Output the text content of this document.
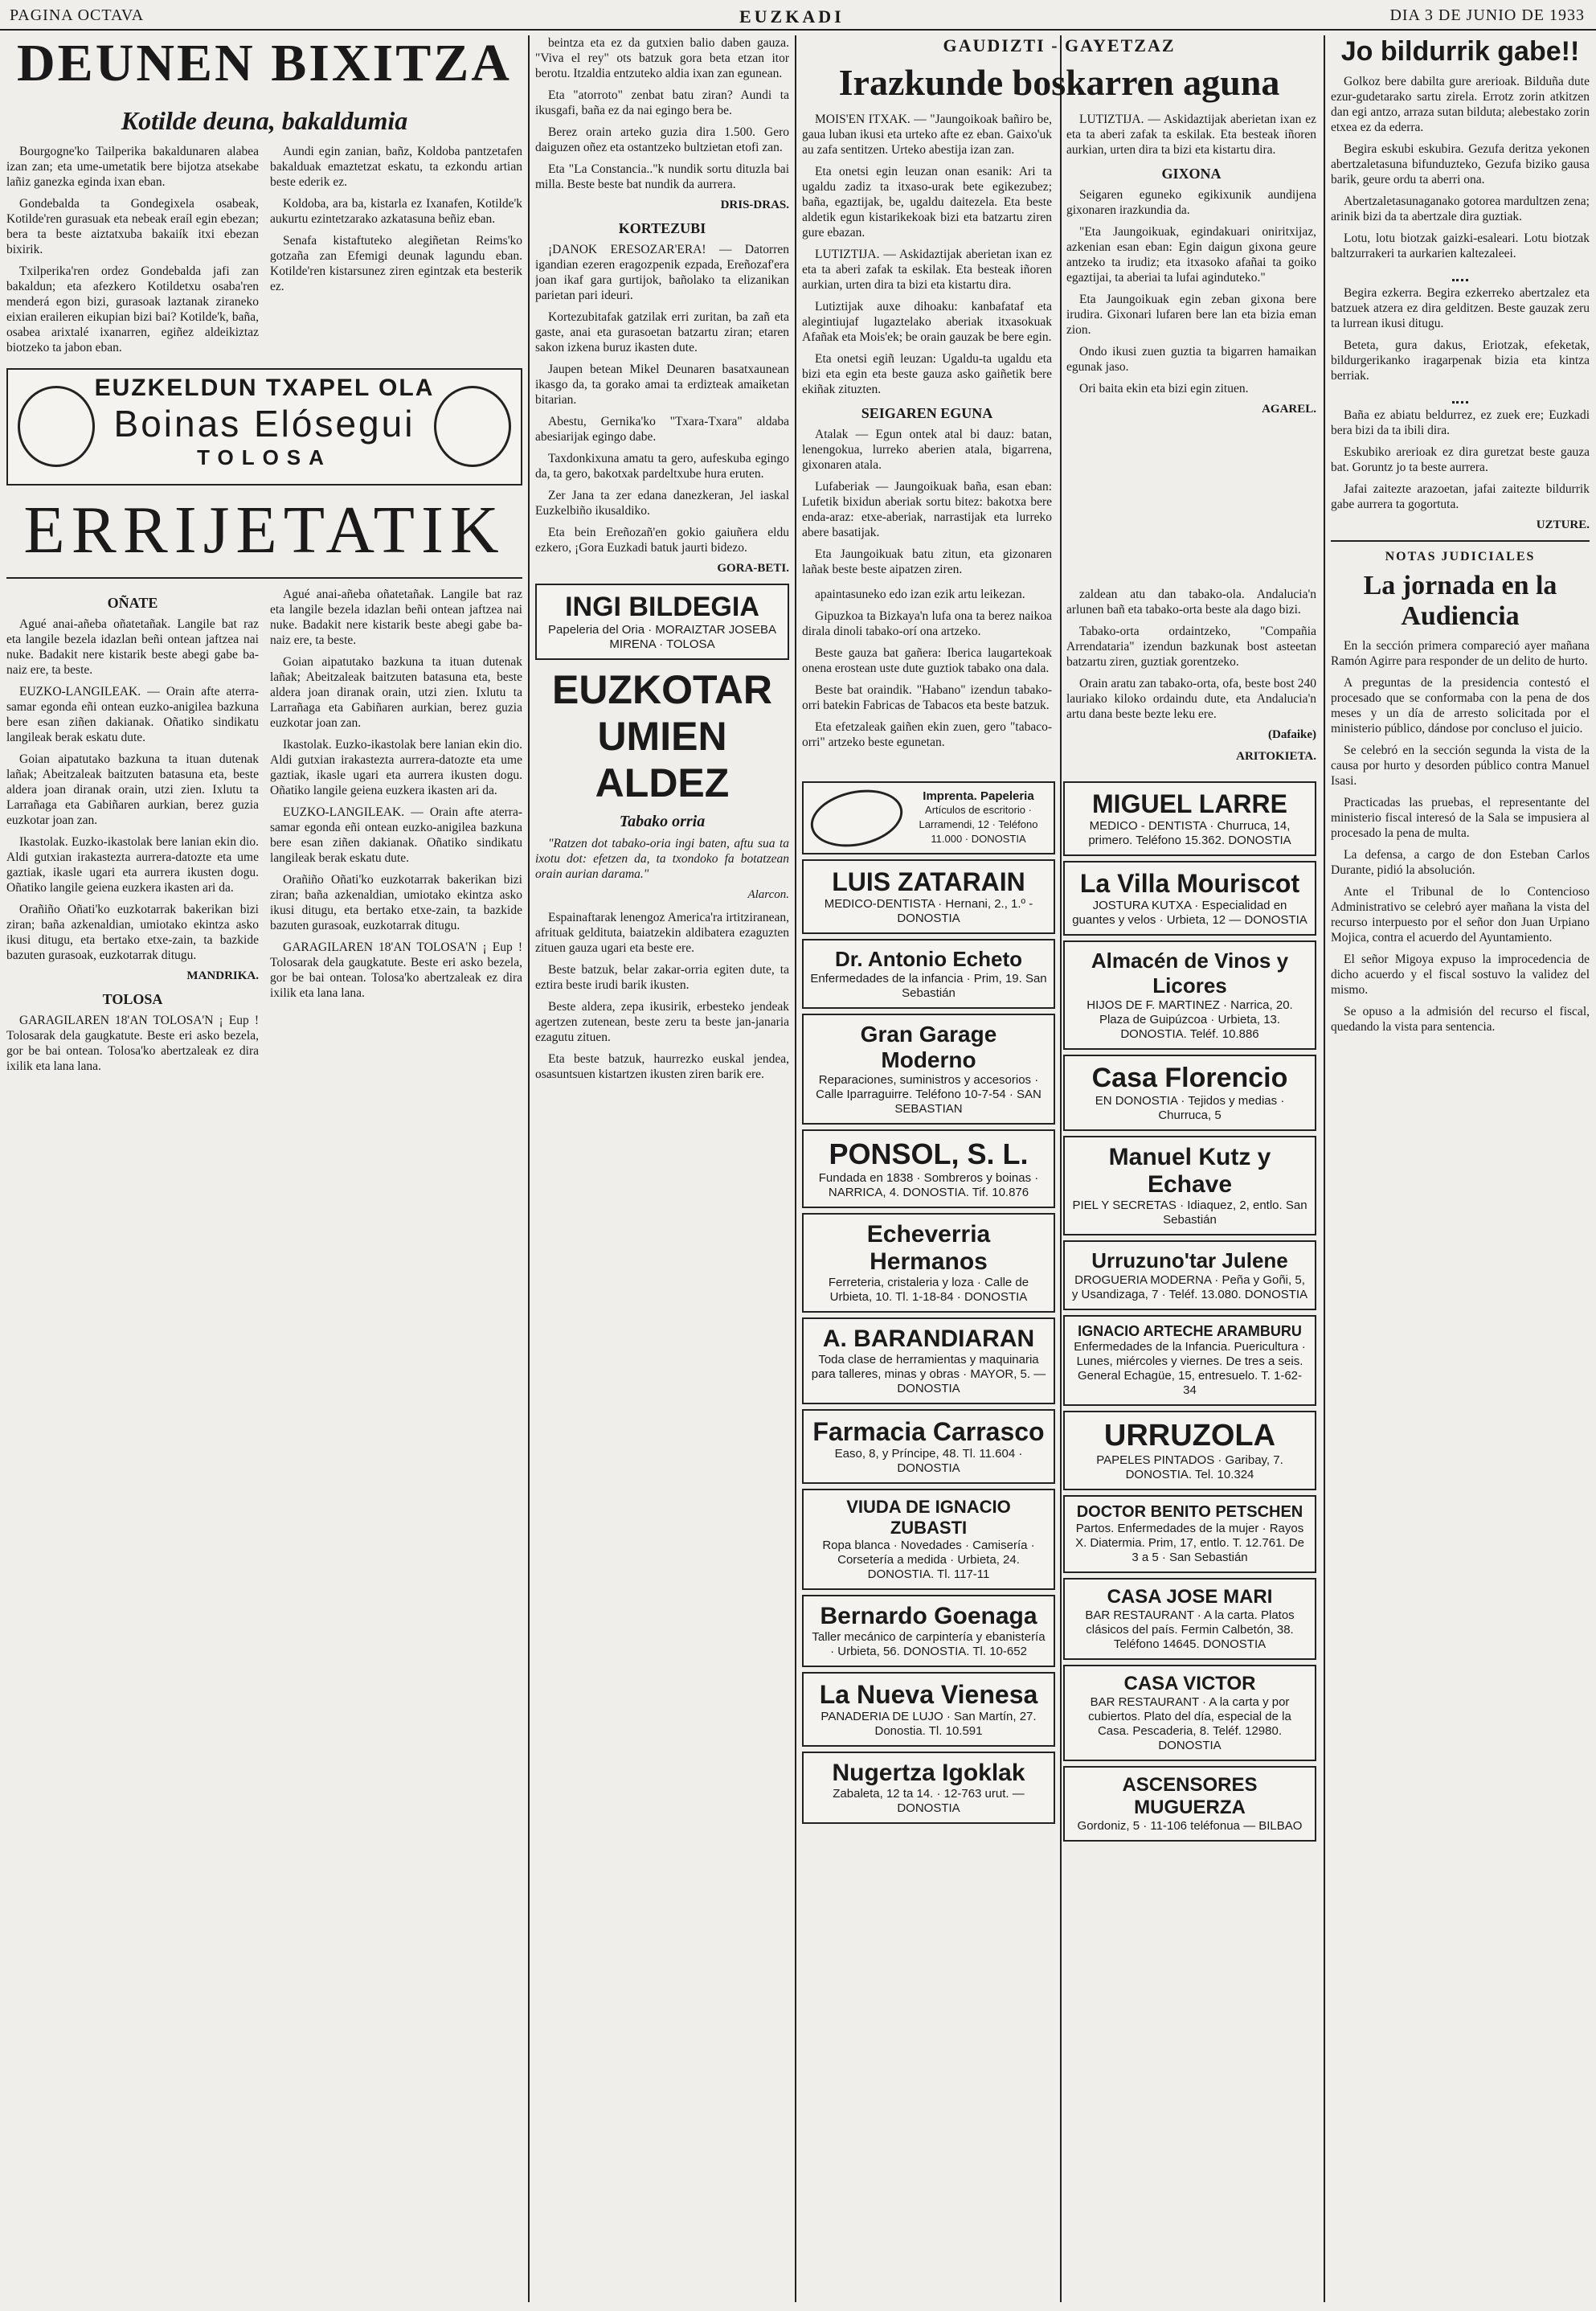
PAGINA OCTAVA	EUZKADI	DIA 3 DE JUNIO DE 1933
DEUNEN BIXITZA
Kotilde deuna, bakaldumia

Bourgogne'ko Tailperika bakaldunaren alabea izan zan; eta ume-umetatik bere bijotza atsekabe lañiz ganezka eginda ixan eban.

Gondebalda ta Gondegixela osabeak, Kotilde'ren gurasuak eta nebeak eraíl egin ebezan; bera ta beste aiztatxuba bakaiík itxi ebezan bixirik.

Txilperika'ren ordez Gondebalda jafi zan bakaldun; eta afezkero Kotildetxu osaba'ren menderá egon bizi, gurasoak laztanak ziraneko eixian eraileren eikupian bizi bai? Kotilde'k, baña, osabea arixtalé ixanarren, egiñez aldeikiztaz biotzeko ta jabon eban.

Aundi egin zanian, bañz, Koldoba pantzetafen bakalduak emaztetzat eskatu, ta ezkondu artian beste ederik ez.

Koldoba, ara ba, kistarla ez Ixanafen, Kotilde'k aukurtu ezintetzarako azkatasuna beñiz eban.

Senafa kistaftuteko alegiñetan Reims'ko gotzaña zan Efemigi deunak lagundu eban. Kotilde'ren kistarsunez ziren egintzak eta besterik ez.

EUZKELDUN TXAPEL OLA
Boinas Elósegui
TOLOSA
ERRIJETATIK
OÑATE

Agué anai-añeba oñatetañak. Langile bat raz eta langile bezela idazlan beñi ontean jaftzea nai nuke. Badakit nere kistarik beste abegi gabe ba-naiz ere, ta beste.

EUZKO-LANGILEAK. — Orain afte aterra-samar egonda eñi ontean euzko-anigilea bazkuna bere esan ziñen dakianak. Oñatiko sindikatu langileak berak eskatu dute.

Goian aipatutako bazkuna ta ituan dutenak lañak; Abeitzaleak baitzuten batasuna eta, beste aldera joan diranak orain, utzi zien. Ixlutu ta Larrañaga eta Gabiñaren aurkian, berez guzia euzkotar joan zan.

Ikastolak. Euzko-ikastolak bere lanian ekin dio. Aldi gutxian irakastezta aurrera-datozte eta ume gaztiak, ikasle ugari eta aurrera ikusten dogu. Oñatiko langile geiena euzkera ikasten ari da.

Orañiño Oñati'ko euzkotarrak bakerikan bizi ziran; baña azkenaldian, umiotako ekintza asko ikusi ditugu, eta bertako etxe-zain, ta bazkide bazuten gurasoak, euzkotarrak ditugu.

MANDRIKA.
TOLOSA

GARAGILAREN 18'AN TOLOSA'N ¡ Eup ! Tolosarak dela gaugkatute. Beste eri asko bezela, gor be bai ontean. Tolosa'ko abertzaleak ez dira ixilik eta lana lana.

Agué anai-añeba oñatetañak. Langile bat raz eta langile bezela idazlan beñi ontean jaftzea nai nuke. Badakit nere kistarik beste abegi gabe ba-naiz ere, ta beste.

Goian aipatutako bazkuna ta ituan dutenak lañak; Abeitzaleak baitzuten batasuna eta, beste aldera joan diranak orain, utzi zien. Ixlutu ta Larrañaga eta Gabiñaren aurkian, berez guzia euzkotar joan zan.

Ikastolak. Euzko-ikastolak bere lanian ekin dio. Aldi gutxian irakastezta aurrera-datozte eta ume gaztiak, ikasle ugari eta aurrera ikusten dogu. Oñatiko langile geiena euzkera ikasten ari da.

EUZKO-LANGILEAK. — Orain afte aterra-samar egonda eñi ontean euzko-anigilea bazkuna bere esan ziñen dakianak. Oñatiko sindikatu langileak berak eskatu dute.

Orañiño Oñati'ko euzkotarrak bakerikan bizi ziran; baña azkenaldian, umiotako ekintza asko ikusi ditugu, eta bertako etxe-zain, ta bazkide bazuten gurasoak, euzkotarrak ditugu.

GARAGILAREN 18'AN TOLOSA'N ¡ Eup ! Tolosarak dela gaugkatute. Beste eri asko bezela, gor be bai ontean. Tolosa'ko abertzaleak ez dira ixilik eta lana lana.

beintza eta ez da gutxien balio daben gauza. "Viva el rey" ots batzuk gora beta etzan itor berotu. Itzaldia entzuteko aldia ixan zan egunean.

Eta "atorroto" zenbat batu ziran? Aundi ta ikusgafi, baña ez da nai egingo bera be.

Berez orain arteko guzia dira 1.500. Gero daiguzen oñez eta ostantzeko bultzietan etofi zan.

Eta "La Constancia.."k nundik sortu dituzla bai milla. Beste beste bat nundik da aurrera.

DRIS-DRAS.
KORTEZUBI

¡DANOK ERESOZAR'ERA! — Datorren igandian ezeren eragozpenik ezpada, Ereñozaf'era joan ikaf gara gurtijok, bañolako ta elizanikan parietan pari ideuri.

Kortezubitafak gatzilak erri zuritan, ba zañ eta gaste, anai eta gurasoetan batzartu ziran; etaren sakon izkena buruz ikasten dute.

Jaupen betean Mikel Deunaren basatxaunean ikasgo da, ta gorako amai ta erdizteak amaiketan bitarian.

Abestu, Gernika'ko "Txara-Txara" aldaba abesiarijak egingo dabe.

Taxdonkixuna amatu ta gero, aufeskuba egingo da, ta gero, bakotxak pardeltxube hura eruten.

Zer Jana ta zer edana danezkeran, Jel iaskal Euzkelbiño ikusaldiko.

Eta bein Ereñozañ'en gokio gaiuñera eldu ezkero, ¡Gora Euzkadi batuk jaurti bidezo.

GORA-BETI.
INGI BILDEGIA
Papeleria del Oria · MORAIZTAR JOSEBA MIRENA · TOLOSA
EUZKOTAR UMIEN ALDEZ
Tabako orria

"Ratzen dot tabako-oria ingi baten, aftu sua ta ixotu dot: efetzen da, ta txondoko fa botatzean orain aurian darama."

Alarcon.

Espainaftarak lenengoz America'ra irtitziranean, afrituak geldituta, baiatzekin aldibatera ezaguzten zituen gauza ugari eta beste ere.

Beste batzuk, belar zakar-orria egiten dute, ta eztira beste irudi barik ikusten.

Beste aldera, zepa ikusirik, erbesteko jendeak agertzen zutenean, beste zeru ta beste jan-janaria ezagutu zituen.

Eta beste batzuk, haurrezko euskal jendea, osasuntsuen kistartzen ikusten ziren barik ere.

GAUDIZTI - GAYETZAZ
Irazkunde boskarren aguna

MOIS'EN ITXAK. — "Jaungoikoak bañiro be, gaua luban ikusi eta urteko afte ez eban. Gaixo'uk au zafa sentitzen. Urteko abestija izan zan.

Eta onetsi egin leuzan onan esanik: Ari ta ugaldu zadiz ta itxaso-urak bete egikezubez; baña, egaztijak, be, ugaldu daitezela. Eta beste aldetik egun kistarikekoak bizi eta batzartu ziren gure ebazan.

LUTIZTIJA. — Askidaztijak aberietan ixan ez eta ta aberi zafak ta eskilak. Eta besteak iñoren aurkian, urten dira ta bizi eta kistartu dira.

Lutiztijak auxe dihoaku: kanbafataf eta alegintiujaf lugaztelako aberiak itxasokuak Afañak eta Mois'ek; be orain gauzak be bere egin.

Eta onetsi egiñ leuzan: Ugaldu-ta ugaldu eta bizi eta egin eta beste gauza asko gaiñetik bere ekiñak zituzten.

SEIGAREN EGUNA

Atalak — Egun ontek atal bi dauz: batan, lenengokua, lurreko aberien atala, bigarrena, gixonaren atala.

Lufaberiak — Jaungoikuak baña, esan eban: Lufetik bixidun aberiak sortu bitez: bakotxa bere enda-araz: etxe-aberiak, narrastijak eta lurreko abere basatijak.

Eta Jaungoikuak batu zitun, eta gizonaren lañak beste beste aipatzen ziren.

LUTIZTIJA. — Askidaztijak aberietan ixan ez eta ta aberi zafak ta eskilak. Eta besteak iñoren aurkian, urten dira ta bizi eta kistartu dira.

GIXONA

Seigaren eguneko egikixunik aundijena gixonaren irazkundia da.

"Eta Jaungoikuak, egindakuari oniritxijaz, azkenian esan eban: Egin daigun gixona geure antzeko ta irudiz; eta itxasoko afañai ta goiko egaztijai, ta aberiai ta lufai aginduteko."

Eta Jaungoikuak egin zeban gixona bere irudira. Gixonari lufaren bere lan eta bizia eman zion.

Ondo ikusi zuen guztia ta bigarren hamaikan egunak jaso.

Ori baita ekin eta bizi egin zituen.

AGAREL.

apaintasuneko edo izan ezik artu leikezan.

Gipuzkoa ta Bizkaya'n lufa ona ta berez naikoa dirala dinoli tabako-orí ona artzeko.

Beste gauza bat gañera: Iberica laugartekoak onena erostean uste dute guztiok tabako ona dala.

Beste bat oraindik. "Habano" izendun tabako-orri batekin Fabricas de Tabacos eta beste batzuk.

Eta efetzaleak gaiñen ekin zuen, gero "tabaco-orri" artzeko beste egunetan.

zaldean atu dan tabako-ola. Andalucia'n arlunen bañ eta tabako-orta beste ala dago bizi.

Tabako-orta ordaintzeko, "Compañia Arrendataria" izendun bazkunak bost asteetan batzartu ziren, guztiak gorentzeko.

Orain aratu zan tabako-orta, ofa, beste bost 240 lauriako kiloko ordaindu dute, eta Andalucia'n artu dana beste bezte leku ere.

(Dafaike)
ARITOKIETA.
Imprenta. Papeleria
Artículos de escritorio · Larramendi, 12 · Teléfono 11.000 · DONOSTIA
LUIS ZATARAIN
MEDICO-DENTISTA · Hernani, 2., 1.º - DONOSTIA
Dr. Antonio Echeto
Enfermedades de la infancia · Prim, 19. San Sebastián
Gran Garage Moderno
Reparaciones, suministros y accesorios · Calle Iparraguirre. Teléfono 10-7-54 · SAN SEBASTIAN
PONSOL, S. L.
Fundada en 1838 · Sombreros y boinas · NARRICA, 4. DONOSTIA. Tif. 10.876
Echeverria Hermanos
Ferreteria, cristaleria y loza · Calle de Urbieta, 10. Tl. 1-18-84 · DONOSTIA
A. BARANDIARAN
Toda clase de herramientas y maquinaria para talleres, minas y obras · MAYOR, 5. — DONOSTIA
Farmacia Carrasco
Easo, 8, y Príncipe, 48. Tl. 11.604 · DONOSTIA
VIUDA DE IGNACIO ZUBASTI
Ropa blanca · Novedades · Camisería · Corsetería a medida · Urbieta, 24. DONOSTIA. Tl. 117-11
Bernardo Goenaga
Taller mecánico de carpintería y ebanistería · Urbieta, 56. DONOSTIA. Tl. 10-652
La Nueva Vienesa
PANADERIA DE LUJO · San Martín, 27. Donostia. Tl. 10.591
Nugertza Igoklak
Zabaleta, 12 ta 14. · 12-763 urut. — DONOSTIA
MIGUEL LARRE
MEDICO - DENTISTA · Churruca, 14, primero. Teléfono 15.362. DONOSTIA
La Villa Mouriscot
JOSTURA KUTXA · Especialidad en guantes y velos · Urbieta, 12 — DONOSTIA
Almacén de Vinos y Licores
HIJOS DE F. MARTINEZ · Narrica, 20. Plaza de Guipúzcoa · Urbieta, 13. DONOSTIA. Teléf. 10.886
Casa Florencio
EN DONOSTIA · Tejidos y medias · Churruca, 5
Manuel Kutz y Echave
PIEL Y SECRETAS · Idiaquez, 2, entlo. San Sebastián
Urruzuno'tar Julene
DROGUERIA MODERNA · Peña y Goñi, 5, y Usandizaga, 7 · Teléf. 13.080. DONOSTIA
IGNACIO ARTECHE ARAMBURU
Enfermedades de la Infancia. Puericultura · Lunes, miércoles y viernes. De tres a seis. General Echagüe, 15, entresuelo. T. 1-62-34
URRUZOLA
PAPELES PINTADOS · Garibay, 7. DONOSTIA. Tel. 10.324
DOCTOR BENITO PETSCHEN
Partos. Enfermedades de la mujer · Rayos X. Diatermia. Prim, 17, entlo. T. 12.761. De 3 a 5 · San Sebastián
CASA JOSE MARI
BAR RESTAURANT · A la carta. Platos clásicos del país. Fermin Calbetón, 38. Teléfono 14645. DONOSTIA
CASA VICTOR
BAR RESTAURANT · A la carta y por cubiertos. Plato del día, especial de la Casa. Pescaderia, 8. Teléf. 12980. DONOSTIA
ASCENSORES MUGUERZA
Gordoniz, 5 · 11-106 teléfonua — BILBAO
Jo bildurrik gabe!!

Golkoz bere dabilta gure arerioak. Bilduña dute ezur-gudetarako sartu zirela. Errotz zorin atkitzen dan egi antzo, arraza sutan bilduta; alebestako zorin etxea ez da ederra.

Begira eskubi eskubira. Gezufa deritza yekonen abertzaletasuna bifunduzteko, Gezufa biziko gausa barik, geure ordu ta aberri ona.

Abertzaletasunaganako gotorea mardultzen zena; arinik bizi da ta abertzale dira guztiak.

Lotu, lotu biotzak gaizki-esaleari. Lotu biotzak baltzurrakeri ta aurkarien kaltezaleei.

Begira ezkerra. Begira ezkerreko abertzalez eta batzuek atzera ez dira gelditzen. Beste gauzak zeru ta lurrean ikusi ditugu.

Beteta, gura dakus, Eriotzak, efeketak, bildurgerikanko iragarpenak bizia eta kintza berriak.

Baña ez abiatu beldurrez, ez zuek ere; Euzkadi bera bizi da ta ibili dira.

Eskubiko arerioak ez dira guretzat beste gauza bat. Goruntz jo ta beste aurrera.

Jafai zaitezte arazoetan, jafai zaitezte bildurrik gabe aurrera ta gogortuta.

UZTURE.
NOTAS JUDICIALES
La jornada en la Audiencia

En la sección primera compareció ayer mañana Ramón Agirre para responder de un delito de hurto.

A preguntas de la presidencia contestó el procesado que se conformaba con la pena de dos meses y un día de arresto solicitada por el ministerio público, dándose por concluso el juicio.

Se celebró en la sección segunda la vista de la causa por hurto y desorden público contra Manuel Isasi.

Practicadas las pruebas, el representante del ministerio fiscal interesó de la Sala se impusiera al procesado la pena de multa.

La defensa, a cargo de don Esteban Carlos Durante, pidió la absolución.

Ante el Tribunal de lo Contencioso Administrativo se celebró ayer mañana la vista del recurso interpuesto por el señor don Juan Urpiano Mojica, contra el acuerdo del Ayuntamiento.

El señor Migoya expuso la improcedencia de dicho acuerdo y el fiscal sostuvo la validez del mismo.

Se opuso a la admisión del recurso el fiscal, quedando la vista para sentencia.
